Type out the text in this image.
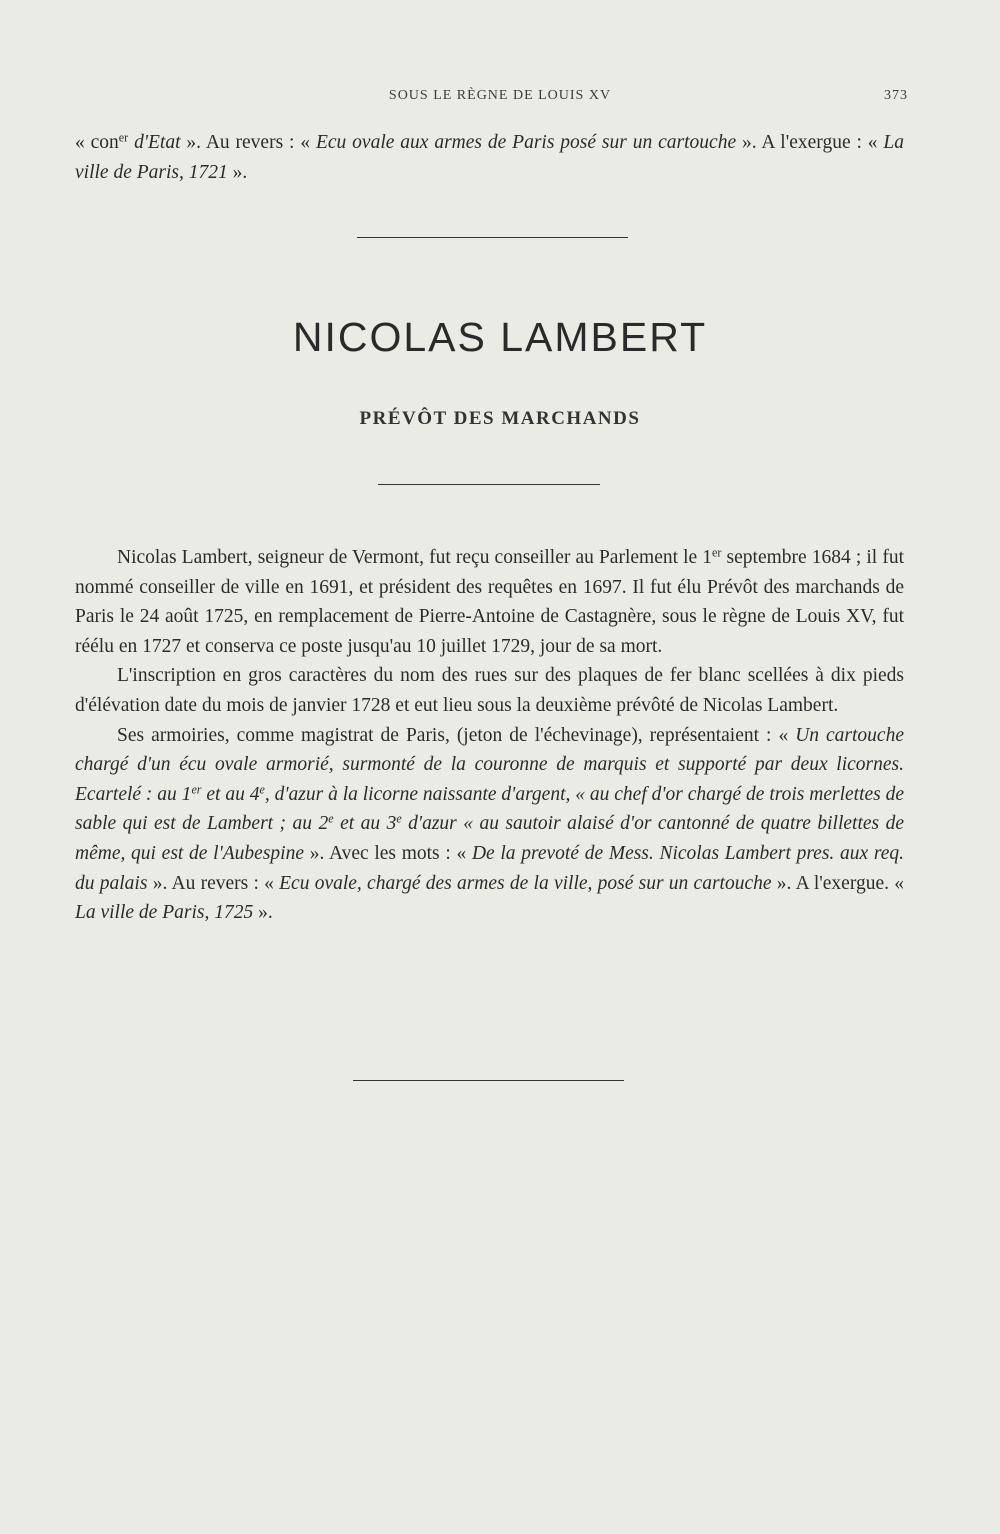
SOUS LE RÈGNE DE LOUIS XV	373

« con$^{er}$ d'Etat ». Au revers : « Ecu ovale aux armes de Paris posé sur un cartouche ». A l'exergue : « La ville de Paris, 1721 ».

NICOLAS LAMBERT
PRÉVÔT DES MARCHANDS

Nicolas Lambert, seigneur de Vermont, fut reçu conseiller au Parlement le 1er septembre 1684 ; il fut nommé conseiller de ville en 1691, et président des requêtes en 1697. Il fut élu Prévôt des marchands de Paris le 24 août 1725, en remplacement de Pierre-Antoine de Castagnère, sous le règne de Louis XV, fut réélu en 1727 et conserva ce poste jusqu'au 10 juillet 1729, jour de sa mort.

L'inscription en gros caractères du nom des rues sur des plaques de fer blanc scellées à dix pieds d'élévation date du mois de janvier 1728 et eut lieu sous la deuxième prévôté de Nicolas Lambert.

Ses armoiries, comme magistrat de Paris, (jeton de l'échevinage), représentaient : « Un cartouche chargé d'un écu ovale armorié, surmonté de la couronne de marquis et supporté par deux licornes. Ecartelé : au 1er et au 4e, d'azur à la licorne naissante d'argent, « au chef d'or chargé de trois merlettes de sable qui est de Lambert ; au 2e et au 3e d'azur « au sautoir alaisé d'or cantonné de quatre billettes de même, qui est de l'Aubespine ». Avec les mots : « De la prevoté de Mess. Nicolas Lambert pres. aux req. du palais ». Au revers : « Ecu ovale, chargé des armes de la ville, posé sur un cartouche ». A l'exergue. « La ville de Paris, 1725 ».
